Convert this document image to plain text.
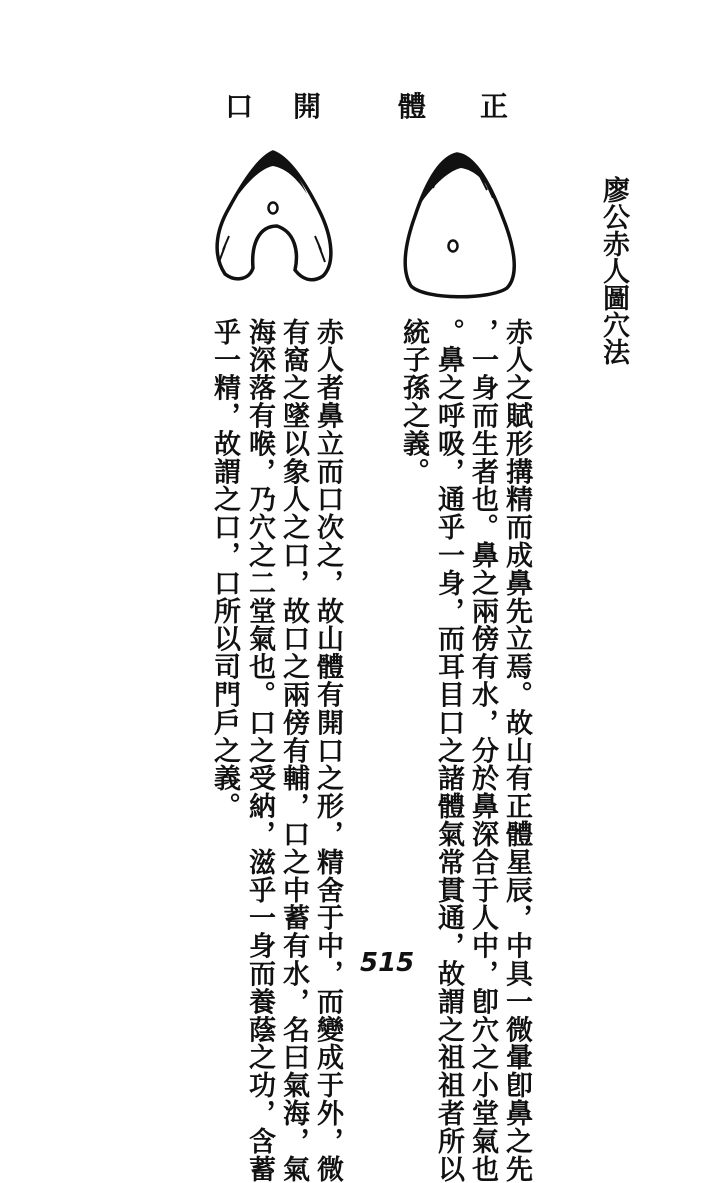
廖公赤人圖穴法
正
體
開
口
赤人之賦形搆精而成鼻先立焉。故山有正體星辰，中具一微暈卽鼻之先
，一身而生者也。鼻之兩傍有水，分於鼻深合于人中，卽穴之小堂氣也
。鼻之呼吸，通乎一身，而耳目口之諸體氣常貫通，故謂之祖祖者所以
統子孫之義。
赤人者鼻立而口次之，故山體有開口之形，精舍于中，而變成于外，微
有窩之墜以象人之口，故口之兩傍有輔，口之中蓄有水，名曰氣海，氣
海深落有喉，乃穴之二堂氣也。口之受納，滋乎一身而養蔭之功，含蓄
乎一精，故謂之口，口所以司門戶之義。
515
